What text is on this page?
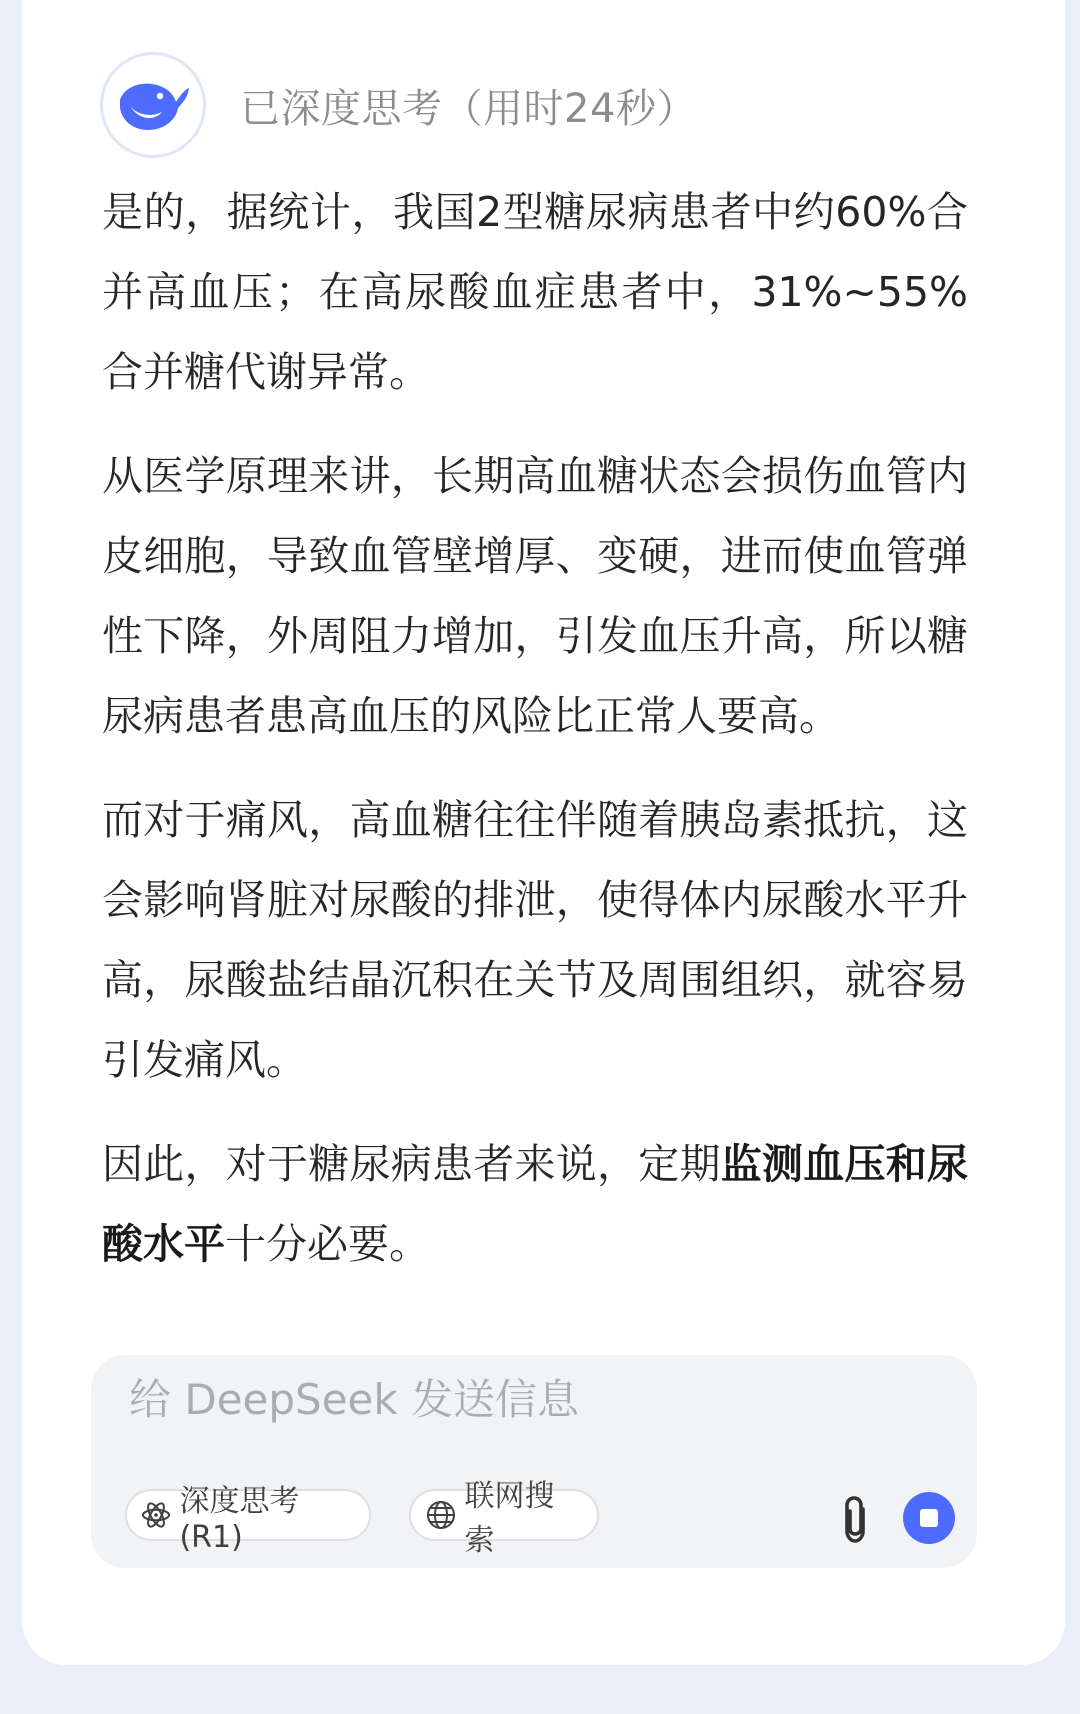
已深度思考（用时24秒）

是的，据统计，我国2型糖尿病患者中约60%合并高血压；在高尿酸血症患者中，31%~55%合并糖代谢异常。

从医学原理来讲，长期高血糖状态会损伤血管内皮细胞，导致血管壁增厚、变硬，进而使血管弹性下降，外周阻力增加，引发血压升高，所以糖尿病患者患高血压的风险比正常人要高。

而对于痛风，高血糖往往伴随着胰岛素抵抗，这会影响肾脏对尿酸的排泄，使得体内尿酸水平升高，尿酸盐结晶沉积在关节及周围组织，就容易引发痛风。

因此，对于糖尿病患者来说，定期监测血压和尿酸水平十分必要。

给 DeepSeek 发送信息
深度思考(R1)
联网搜索
